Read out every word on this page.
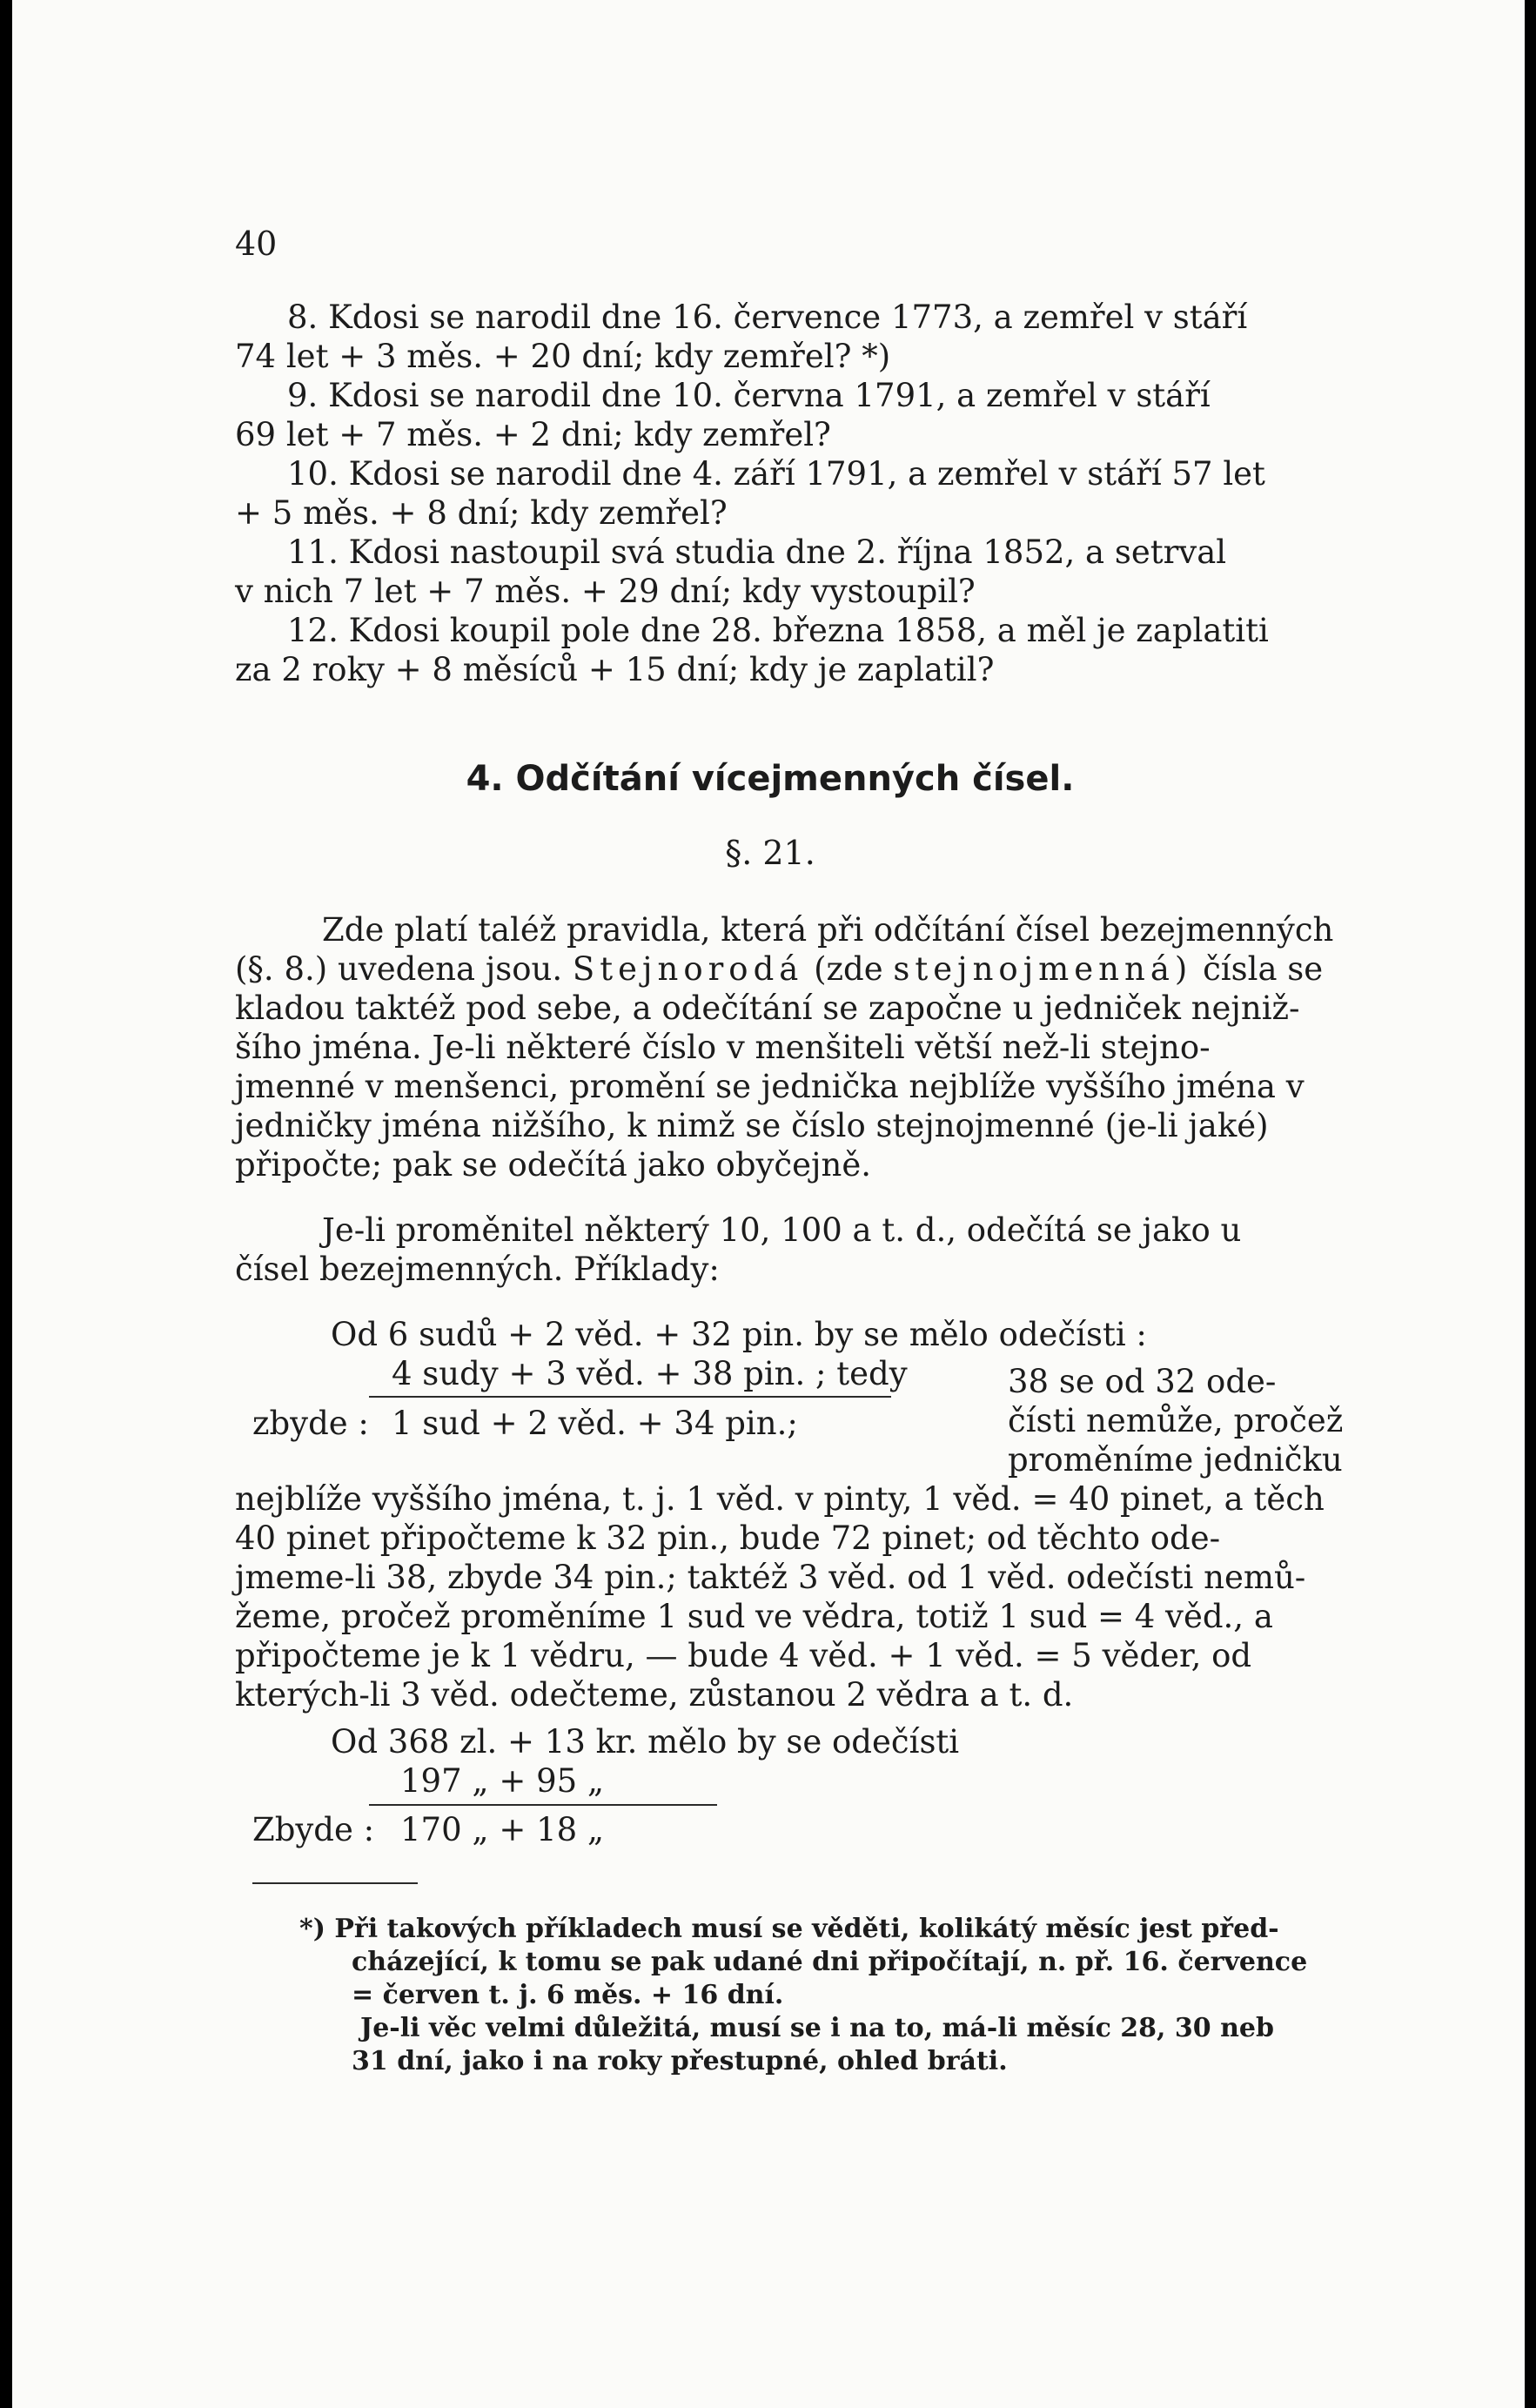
40
8. Kdosi se narodil dne 16. července 1773, a zemřel v stáří
74 let + 3 měs. + 20 dní; kdy zemřel? *)
9. Kdosi se narodil dne 10. června 1791, a zemřel v stáří
69 let + 7 měs. + 2 dni; kdy zemřel?
10. Kdosi se narodil dne 4. září 1791, a zemřel v stáří 57 let
+ 5 měs. + 8 dní; kdy zemřel?
11. Kdosi nastoupil svá studia dne 2. října 1852, a setrval
v nich 7 let + 7 měs. + 29 dní; kdy vystoupil?
12. Kdosi koupil pole dne 28. března 1858, a měl je zaplatiti
za 2 roky + 8 měsíců + 15 dní; kdy je zaplatil?
4. Odčítání vícejmenných čísel.
§. 21.
Zde platí taléž pravidla, která při odčítání čísel bezejmenných
(§. 8.) uvedena jsou. Stejnorodá (zde stejnojmenná) čísla se
kladou taktéž pod sebe, a odečítání se započne u jedniček nejniž-
šího jména. Je-li některé číslo v menšiteli větší než-li stejno-
jmenné v menšenci, promění se jednička nejblíže vyššího jména v
jedničky jména nižšího, k nimž se číslo stejnojmenné (je-li jaké)
připočte; pak se odečítá jako obyčejně.
Je-li proměnitel některý 10, 100 a t. d., odečítá se jako u
čísel bezejmenných. Příklady:
Od 6 sudů + 2 věd. + 32 pin. by se mělo odečísti :
4 sudy + 3 věd. + 38 pin. ; tedy
zbyde : 1 sud + 2 věd. + 34 pin.;
38 se od 32 ode-
čísti nemůže, pročež
proměníme jedničku
nejblíže vyššího jména, t. j. 1 věd. v pinty, 1 věd. = 40 pinet, a těch
40 pinet připočteme k 32 pin., bude 72 pinet; od těchto ode-
jmeme-li 38, zbyde 34 pin.; taktéž 3 věd. od 1 věd. odečísti nemů-
žeme, pročež proměníme 1 sud ve vědra, totiž 1 sud = 4 věd., a
připočteme je k 1 vědru, — bude 4 věd. + 1 věd. = 5 věder, od
kterých-li 3 věd. odečteme, zůstanou 2 vědra a t. d.
Od 368 zl. + 13 kr. mělo by se odečísti
197 „ + 95 „
Zbyde : 170 „ + 18 „
*) Při takových příkladech musí se věděti, kolikátý měsíc jest před-
cházející, k tomu se pak udané dni připočítají, n. př. 16. července
= červen t. j. 6 měs. + 16 dní.
Je-li věc velmi důležitá, musí se i na to, má-li měsíc 28, 30 neb
31 dní, jako i na roky přestupné, ohled bráti.
